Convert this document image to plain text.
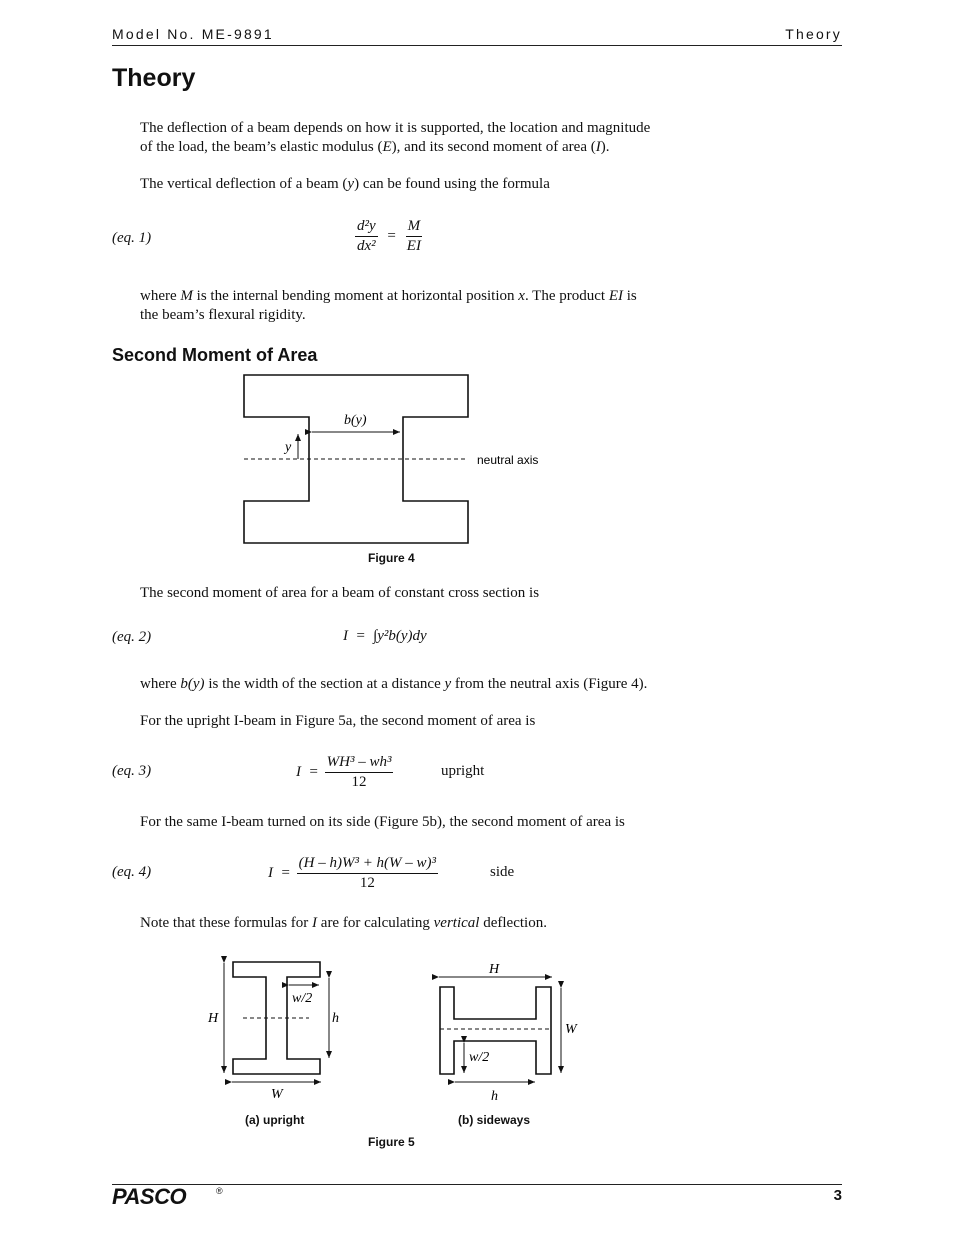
Model No. ME-9891	Theory
Theory
The deflection of a beam depends on how it is supported, the location and magnitude
of the load, the beam’s elastic modulus (E), and its second moment of area (I).
The vertical deflection of a beam (y) can be found using the formula
(eq. 1)	$\frac{\text{d²y}}{\text{dx²}} = \frac{M}{EI}$
where M is the internal bending moment at horizontal position x. The product EI is
the beam’s flexural rigidity.
Second Moment of Area
b(y)
y
neutral axis
Figure 4
The second moment of area for a beam of constant cross section is
(eq. 2)	I  =  ∫y²b(y)dy
where b(y) is the width of the section at a distance y from the neutral axis (Figure 4).
For the upright I-beam in Figure 5a, the second moment of area is
(eq. 3)	$I = \frac{\text{WH³ – wh³}}{12}$	upright
For the same I-beam turned on its side (Figure 5b), the second moment of area is
(eq. 4)	$I = \frac{\text{(H – h)W³ + h(W – w)³}}{12}$	side
Note that these formulas for I are for calculating vertical deflection.
H	h
w/2
W
H
W
w/2
h
(a) upright	(b) sideways
Figure 5
PASCO	®	3
